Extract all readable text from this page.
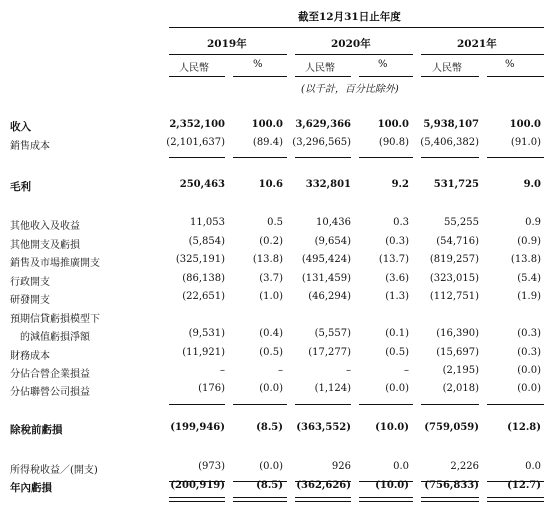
截至12月31日止年度
2019年	2020年	2021年
人民幣	%	人民幣	%	人民幣	%
(以千計，百分比除外)
收入	2,352,100	100.0 3,629,366	100.0 5,938,107	100.0
銷售成本	(2,101,637)	(89.4) (3,296,565)	(90.8) (5,406,382)	(91.0)
毛利	250,463	10.6 332,801	9.2 531,725	9.0
其他收入及收益	11,053	0.5	10,436	0.3	55,255	0.9
其他開支及虧損	(5,854)	(0.2)	(9,654)	(0.3)	(54,716)	(0.9)
銷售及市場推廣開支	(325,191)	(13.8) (495,424)	(13.7) (819,257)	(13.8)
行政開支	(86,138)	(3.7) (131,459)	(3.6) (323,015)	(5.4)
研發開支	(22,651)	(1.0)	(46,294)	(1.3) (112,751)	(1.9)
預期信貸虧損模型下
的減值虧損淨額	(9,531)	(0.4)	(5,557)	(0.1)	(16,390)	(0.3)
財務成本	(11,921)	(0.5)	(17,277)	(0.5)	(15,697)	(0.3)
分佔合營企業損益	–	–	–	–	(2,195)	(0.0)
分佔聯營公司損益	(176)	(0.0)	(1,124)	(0.0)	(2,018)	(0.0)
除稅前虧損	(199,946)	(8.5) (363,552) (10.0) (759,059)	(12.8)
所得稅收益／(開支)	(973)	(0.0)	926	0.0	2,226	0.0
年內虧損	(200,919)	(8.5) (362,626) (10.0) (756,833)	(12.7)
